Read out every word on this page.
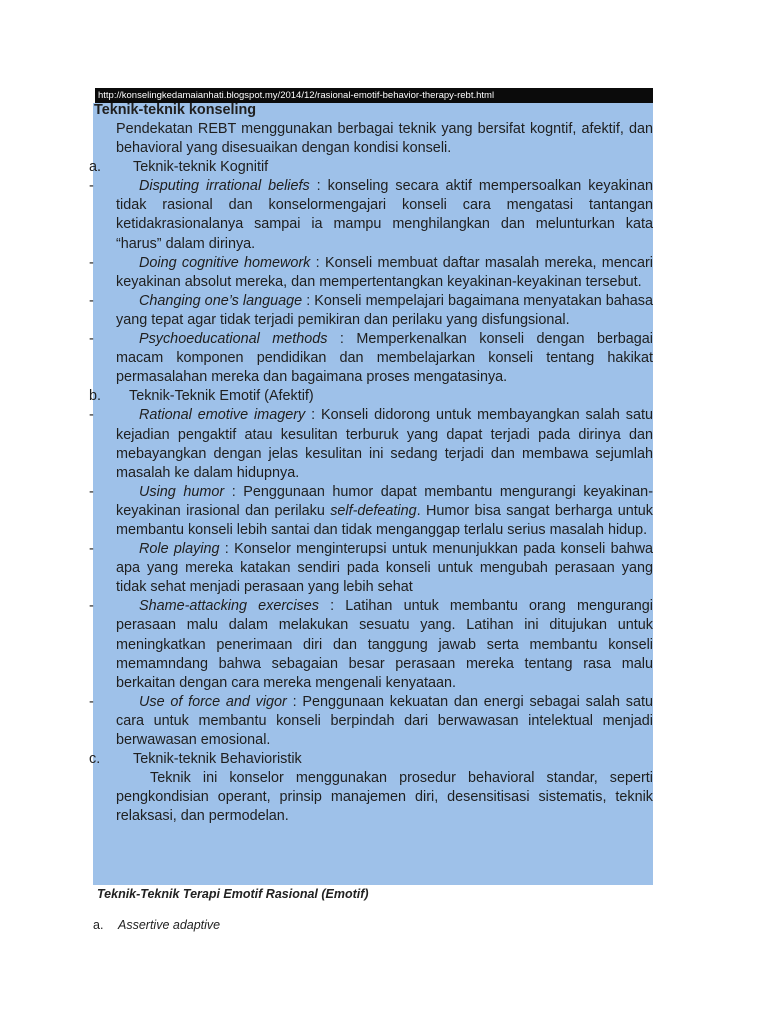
http://konselingkedamaianhati.blogspot.my/2014/12/rasional-emotif-behavior-therapy-rebt.html
Teknik-teknik konseling

Pendekatan REBT menggunakan berbagai teknik yang bersifat kogntif, afektif, dan behavioral yang disesuaikan dengan kondisi konseli.

a.	Teknik-teknik Kognitif

-	Disputing irrational beliefs : konseling secara aktif mempersoalkan keyakinan tidak rasional dan konselormengajari konseli cara mengatasi tantangan ketidakrasionalanya sampai ia mampu menghilangkan dan melunturkan kata “harus” dalam dirinya.

-	Doing cognitive homework : Konseli membuat daftar masalah mereka, mencari keyakinan absolut mereka, dan mempertentangkan keyakinan-keyakinan tersebut.

-	Changing one’s language : Konseli mempelajari bagaimana menyatakan bahasa yang tepat agar tidak terjadi pemikiran dan perilaku yang disfungsional.

-	Psychoeducational methods : Memperkenalkan konseli dengan berbagai macam komponen pendidikan dan membelajarkan konseli tentang hakikat permasalahan mereka dan bagaimana proses mengatasinya.

b.	Teknik-Teknik Emotif (Afektif)

-	Rational emotive imagery : Konseli didorong untuk membayangkan salah satu kejadian pengaktif atau kesulitan terburuk yang dapat terjadi pada dirinya dan mebayangkan dengan jelas kesulitan ini sedang terjadi dan membawa sejumlah masalah ke dalam hidupnya.

-	Using humor : Penggunaan humor dapat membantu mengurangi keyakinan-keyakinan irasional dan perilaku self-defeating. Humor bisa sangat berharga untuk membantu konseli lebih santai dan tidak menganggap terlalu serius masalah hidup.

-	Role playing : Konselor menginterupsi untuk menunjukkan pada konseli bahwa apa yang mereka katakan sendiri pada konseli untuk mengubah perasaan yang tidak sehat menjadi perasaan yang lebih sehat

-	Shame-attacking exercises : Latihan untuk membantu orang mengurangi perasaan malu dalam melakukan sesuatu yang. Latihan ini ditujukan untuk meningkatkan penerimaan diri dan tanggung jawab serta membantu konseli memamndang bahwa sebagaian besar perasaan mereka tentang rasa malu berkaitan dengan cara mereka mengenali kenyataan.

-	Use of force and vigor : Penggunaan kekuatan dan energi sebagai salah satu cara untuk membantu konseli berpindah dari berwawasan intelektual menjadi berwawasan emosional.

c.	Teknik-teknik Behavioristik

Teknik ini konselor menggunakan prosedur behavioral standar, seperti pengkondisian operant, prinsip manajemen diri, desensitisasi sistematis, teknik relaksasi, dan permodelan.

Teknik-Teknik Terapi Emotif Rasional (Emotif)
a. Assertive adaptive
